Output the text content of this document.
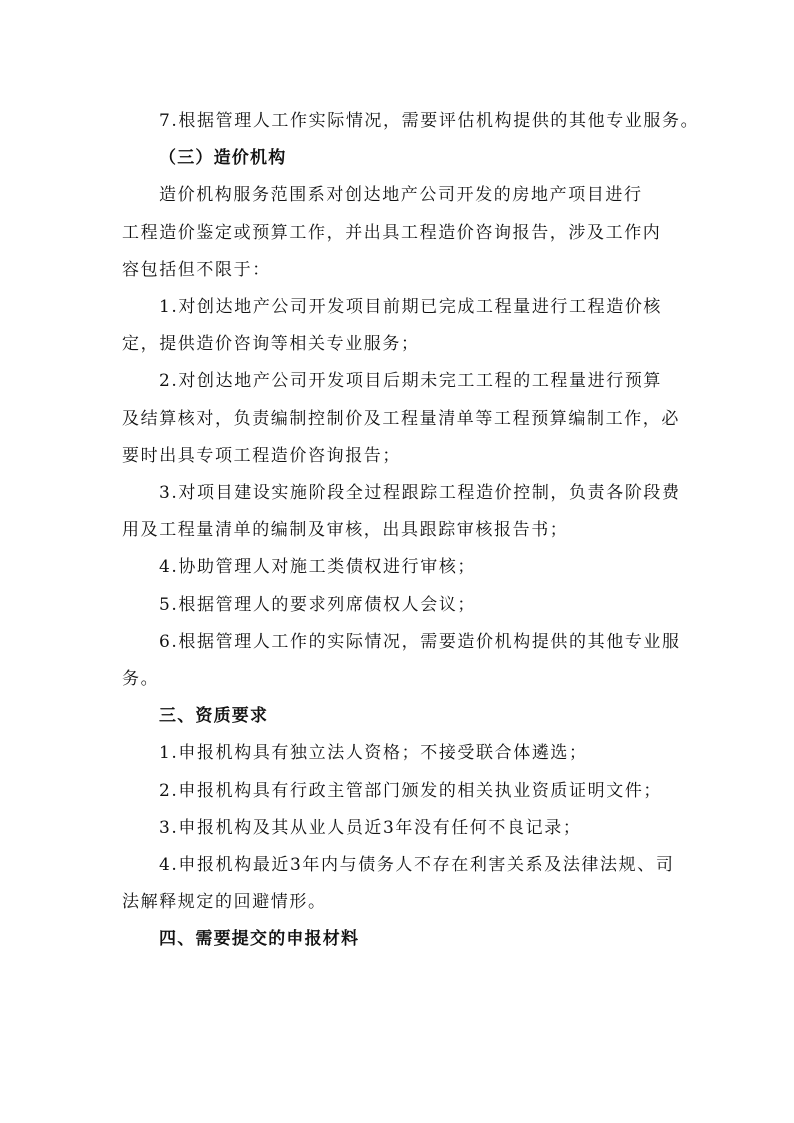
7.根据管理人工作实际情况，需要评估机构提供的其他专业服务。
（三）造价机构
造价机构服务范围系对创达地产公司开发的房地产项目进行
工程造价鉴定或预算工作，并出具工程造价咨询报告，涉及工作内
容包括但不限于：
1.对创达地产公司开发项目前期已完成工程量进行工程造价核
定，提供造价咨询等相关专业服务；
2.对创达地产公司开发项目后期未完工工程的工程量进行预算
及结算核对，负责编制控制价及工程量清单等工程预算编制工作，必
要时出具专项工程造价咨询报告；
3.对项目建设实施阶段全过程跟踪工程造价控制，负责各阶段费
用及工程量清单的编制及审核，出具跟踪审核报告书；
4.协助管理人对施工类债权进行审核；
5.根据管理人的要求列席债权人会议；
6.根据管理人工作的实际情况，需要造价机构提供的其他专业服
务。
三、资质要求
1.申报机构具有独立法人资格；不接受联合体遴选；
2.申报机构具有行政主管部门颁发的相关执业资质证明文件；
3.申报机构及其从业人员近3年没有任何不良记录；
4.申报机构最近3年内与债务人不存在利害关系及法律法规、司
法解释规定的回避情形。
四、需要提交的申报材料
